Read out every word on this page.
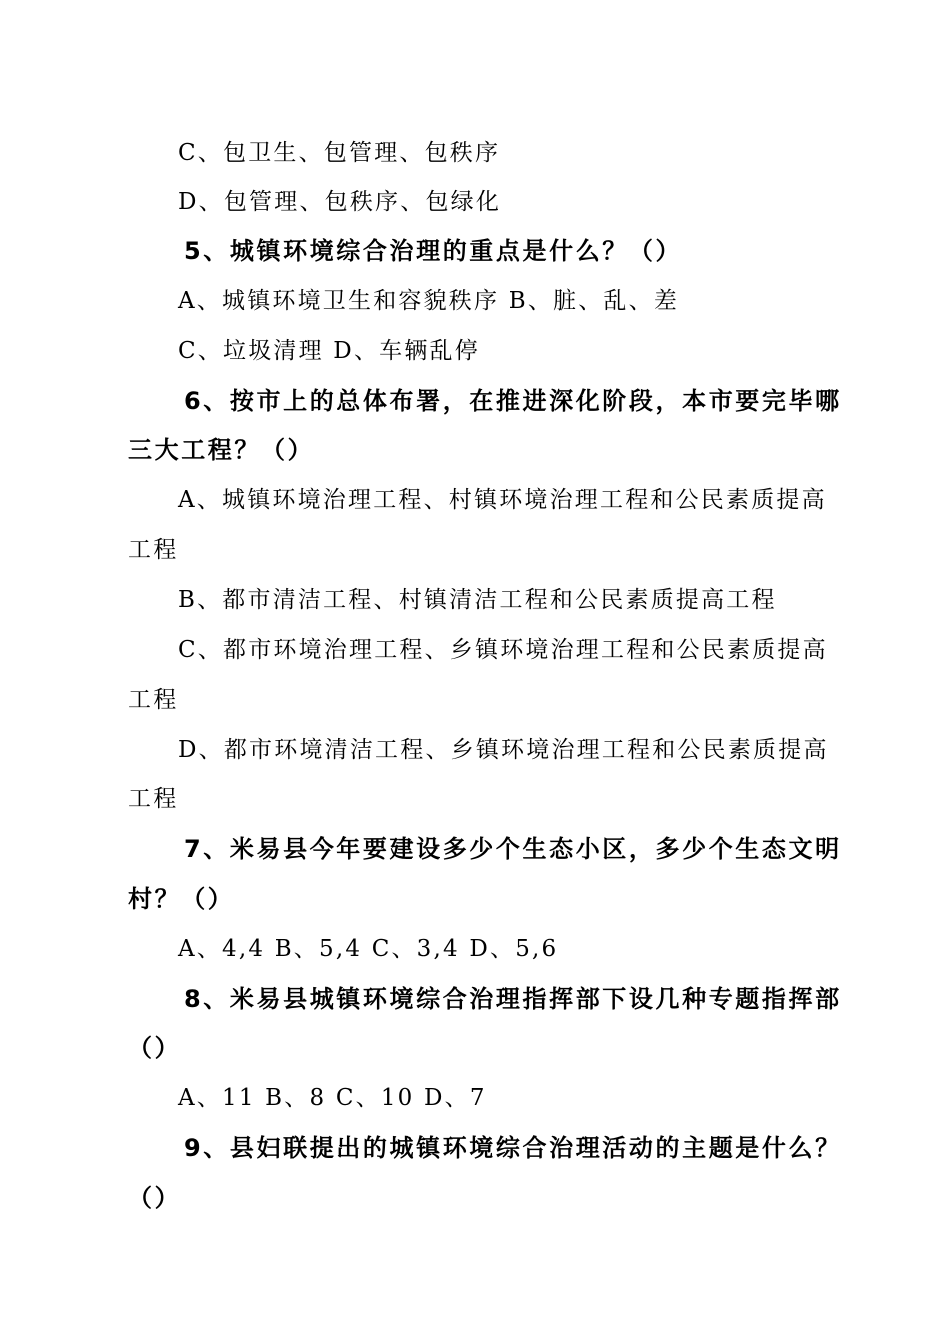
C、包卫生、包管理、包秩序
D、包管理、包秩序、包绿化
5、城镇环境综合治理的重点是什么？（）
A、城镇环境卫生和容貌秩序 B、脏、乱、差
C、垃圾清理 D、车辆乱停
6、按市上的总体布署，在推进深化阶段，本市要完毕哪
三大工程？（）
A、城镇环境治理工程、村镇环境治理工程和公民素质提高
工程
B、都市清洁工程、村镇清洁工程和公民素质提高工程
C、都市环境治理工程、乡镇环境治理工程和公民素质提高
工程
D、都市环境清洁工程、乡镇环境治理工程和公民素质提高
工程
7、米易县今年要建设多少个生态小区，多少个生态文明
村？（）
A、4,4 B、5,4 C、3,4 D、5,6
8、米易县城镇环境综合治理指挥部下设几种专题指挥部
（）
A、11 B、8 C、10 D、7
9、县妇联提出的城镇环境综合治理活动的主题是什么？
（）
